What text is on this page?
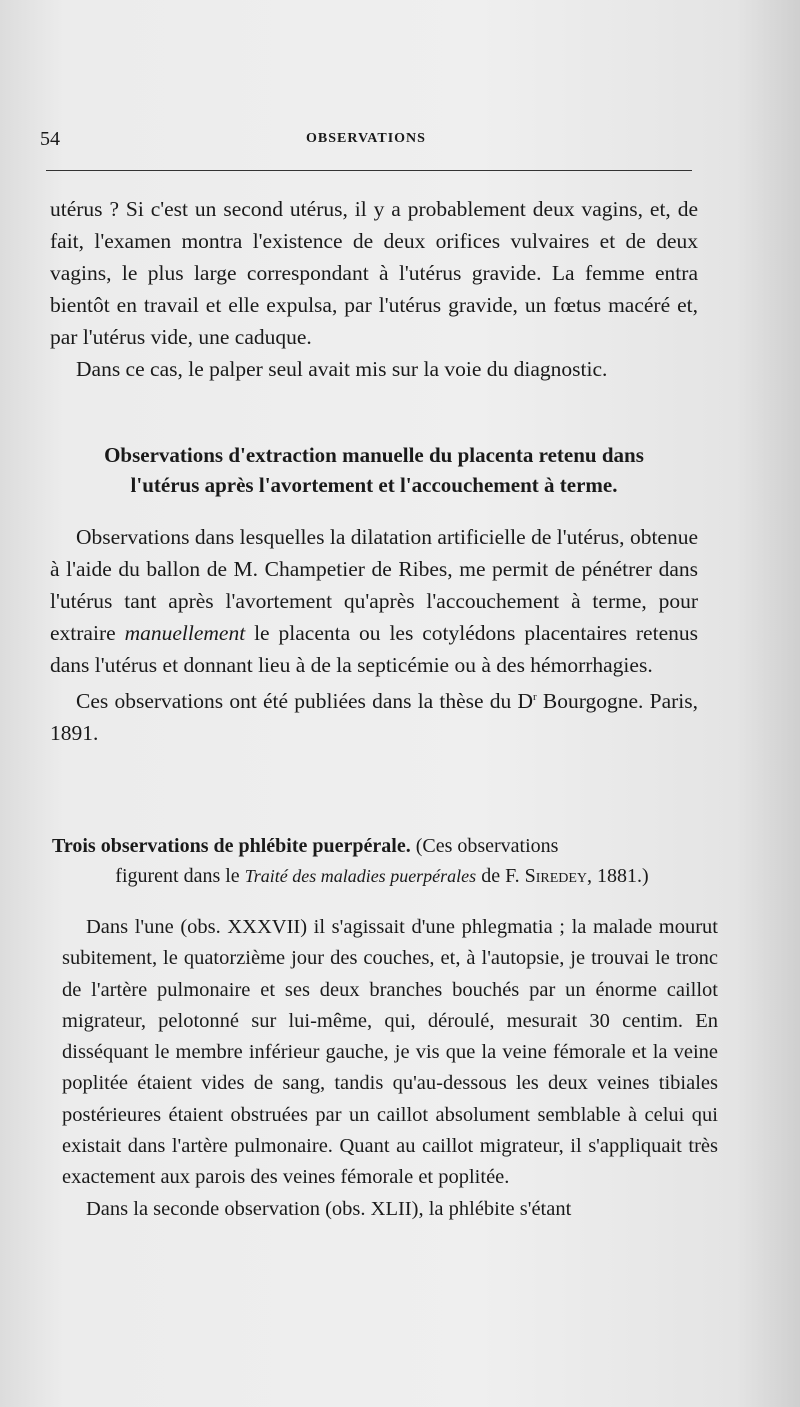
54	OBSERVATIONS

utérus ? Si c'est un second utérus, il y a probablement deux vagins, et, de fait, l'examen montra l'existence de deux orifices vulvaires et de deux vagins, le plus large correspondant à l'utérus gravide. La femme entra bientôt en travail et elle expulsa, par l'utérus gravide, un fœtus macéré et, par l'utérus vide, une caduque.

Dans ce cas, le palper seul avait mis sur la voie du diagnostic.

Observations d'extraction manuelle du placenta retenu dans
l'utérus après l'avortement et l'accouchement à terme.

Observations dans lesquelles la dilatation artificielle de l'utérus, obtenue à l'aide du ballon de M. Champetier de Ribes, me permit de pénétrer dans l'utérus tant après l'avortement qu'après l'accouchement à terme, pour extraire manuellement le placenta ou les cotylédons placentaires retenus dans l'utérus et donnant lieu à de la septicémie ou à des hémorrhagies.

Ces observations ont été publiées dans la thèse du $D^r$ Bourgogne. Paris, 1891.

Trois observations de phlébite puerpérale. (Ces observations
figurent dans le Traité des maladies puerpérales de F. Siredey, 1881.)

Dans l'une (obs. XXXVII) il s'agissait d'une phlegmatia ; la malade mourut subitement, le quatorzième jour des couches, et, à l'autopsie, je trouvai le tronc de l'artère pulmonaire et ses deux branches bouchés par un énorme caillot migrateur, pelotonné sur lui-même, qui, déroulé, mesurait 30 centim. En disséquant le membre inférieur gauche, je vis que la veine fémorale et la veine poplitée étaient vides de sang, tandis qu'au-dessous les deux veines tibiales postérieures étaient obstruées par un caillot absolument semblable à celui qui existait dans l'artère pulmonaire. Quant au caillot migrateur, il s'appliquait très exactement aux parois des veines fémorale et poplitée.

Dans la seconde observation (obs. XLII), la phlébite s'étant
